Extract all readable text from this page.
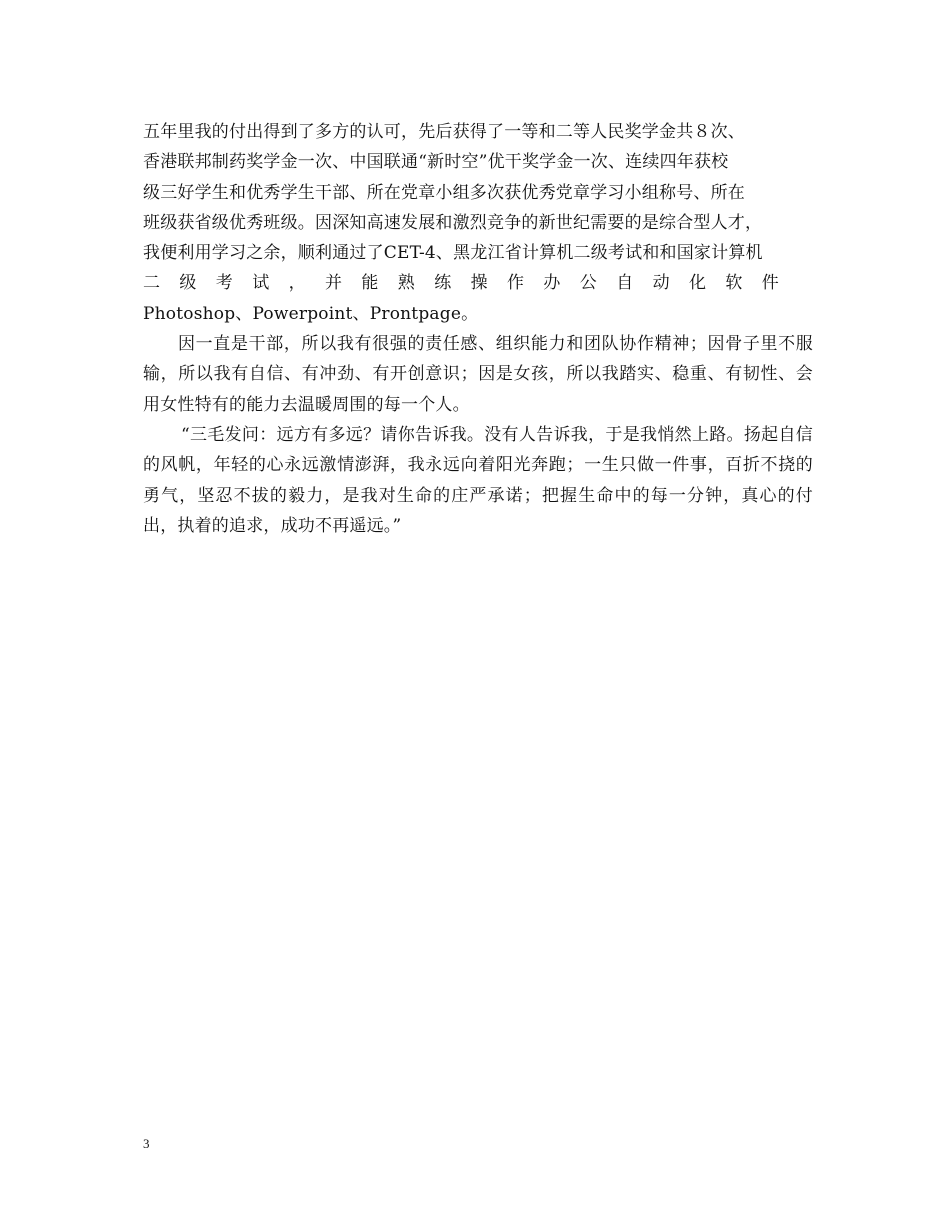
五年里我的付出得到了多方的认可，先后获得了一等和二等人民奖学金共８次、
香港联邦制药奖学金一次、中国联通“新时空”优干奖学金一次、连续四年获校
级三好学生和优秀学生干部、所在党章小组多次获优秀党章学习小组称号、所在
班级获省级优秀班级。因深知高速发展和激烈竞争的新世纪需要的是综合型人才，
我便利用学习之余，顺利通过了CET-4、黑龙江省计算机二级考试和和国家计算机
二级考试，并能熟练操作办公自动化软件
Photoshop、Powerpoint、Prontpage。

因一直是干部，所以我有很强的责任感、组织能力和团队协作精神；因骨子里不服输，所以我有自信、有冲劲、有开创意识；因是女孩，所以我踏实、稳重、有韧性、会用女性特有的能力去温暖周围的每一个人。

“三毛发问：远方有多远？请你告诉我。没有人告诉我，于是我悄然上路。扬起自信的风帆，年轻的心永远激情澎湃，我永远向着阳光奔跑；一生只做一件事，百折不挠的勇气，坚忍不拔的毅力，是我对生命的庄严承诺；把握生命中的每一分钟，真心的付出，执着的追求，成功不再遥远。”

3
